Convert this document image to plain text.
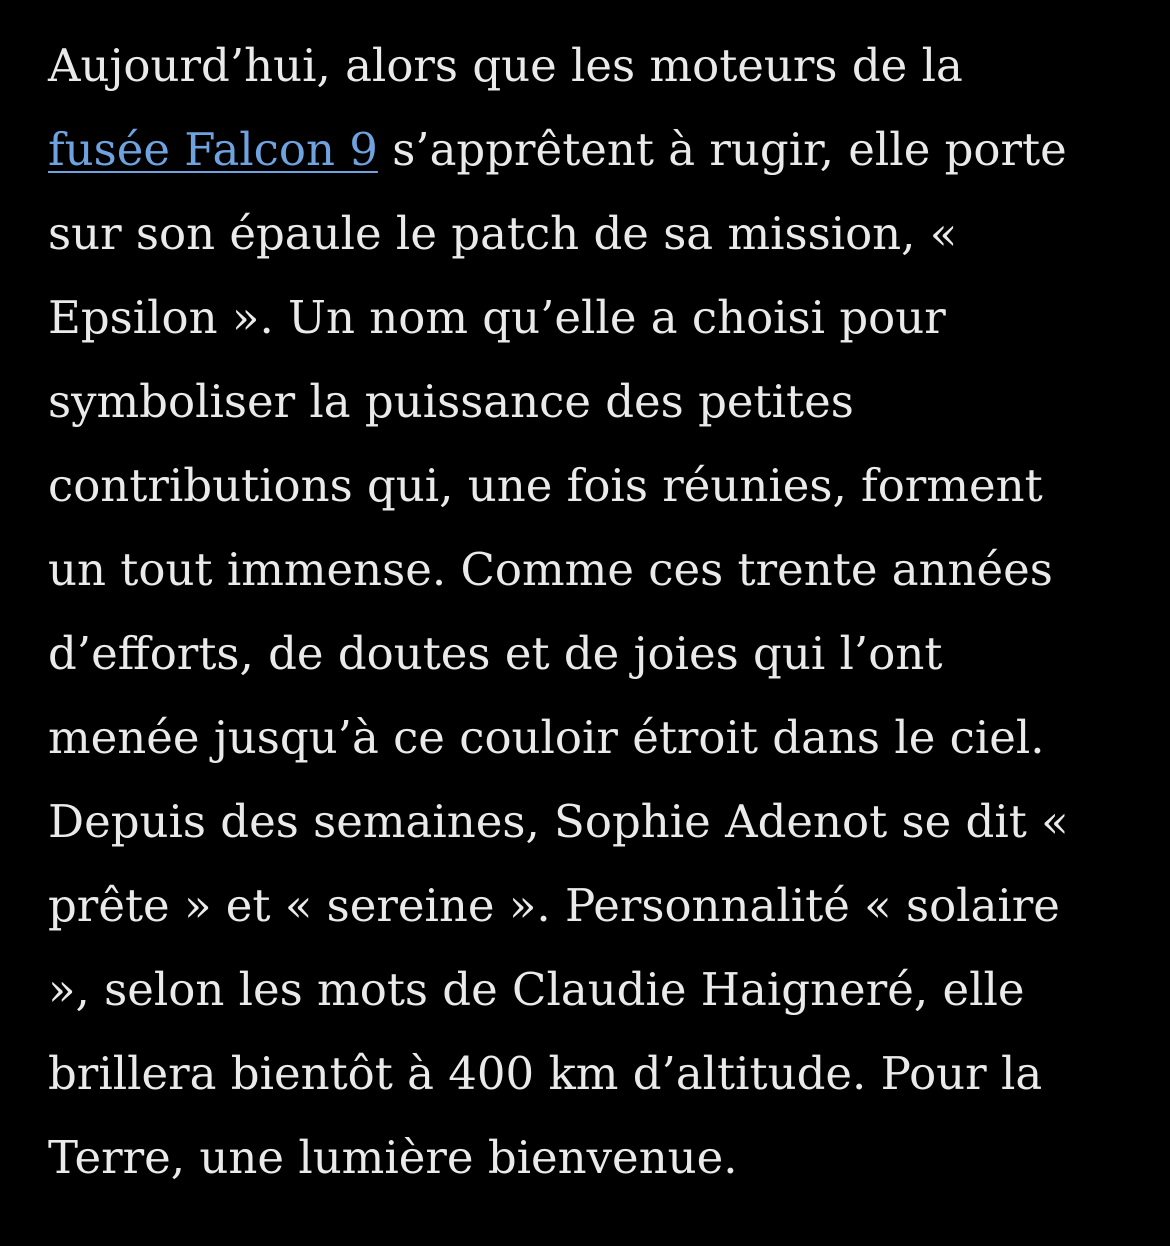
Aujourd’hui, alors que les moteurs de la
fusée Falcon 9 s’apprêtent à rugir, elle porte
sur son épaule le patch de sa mission, «
Epsilon ». Un nom qu’elle a choisi pour
symboliser la puissance des petites
contributions qui, une fois réunies, forment
un tout immense. Comme ces trente années
d’efforts, de doutes et de joies qui l’ont
menée jusqu’à ce couloir étroit dans le ciel.
Depuis des semaines, Sophie Adenot se dit «
prête » et « sereine ». Personnalité « solaire
», selon les mots de Claudie Haigneré, elle
brillera bientôt à 400 km d’altitude. Pour la
Terre, une lumière bienvenue.
